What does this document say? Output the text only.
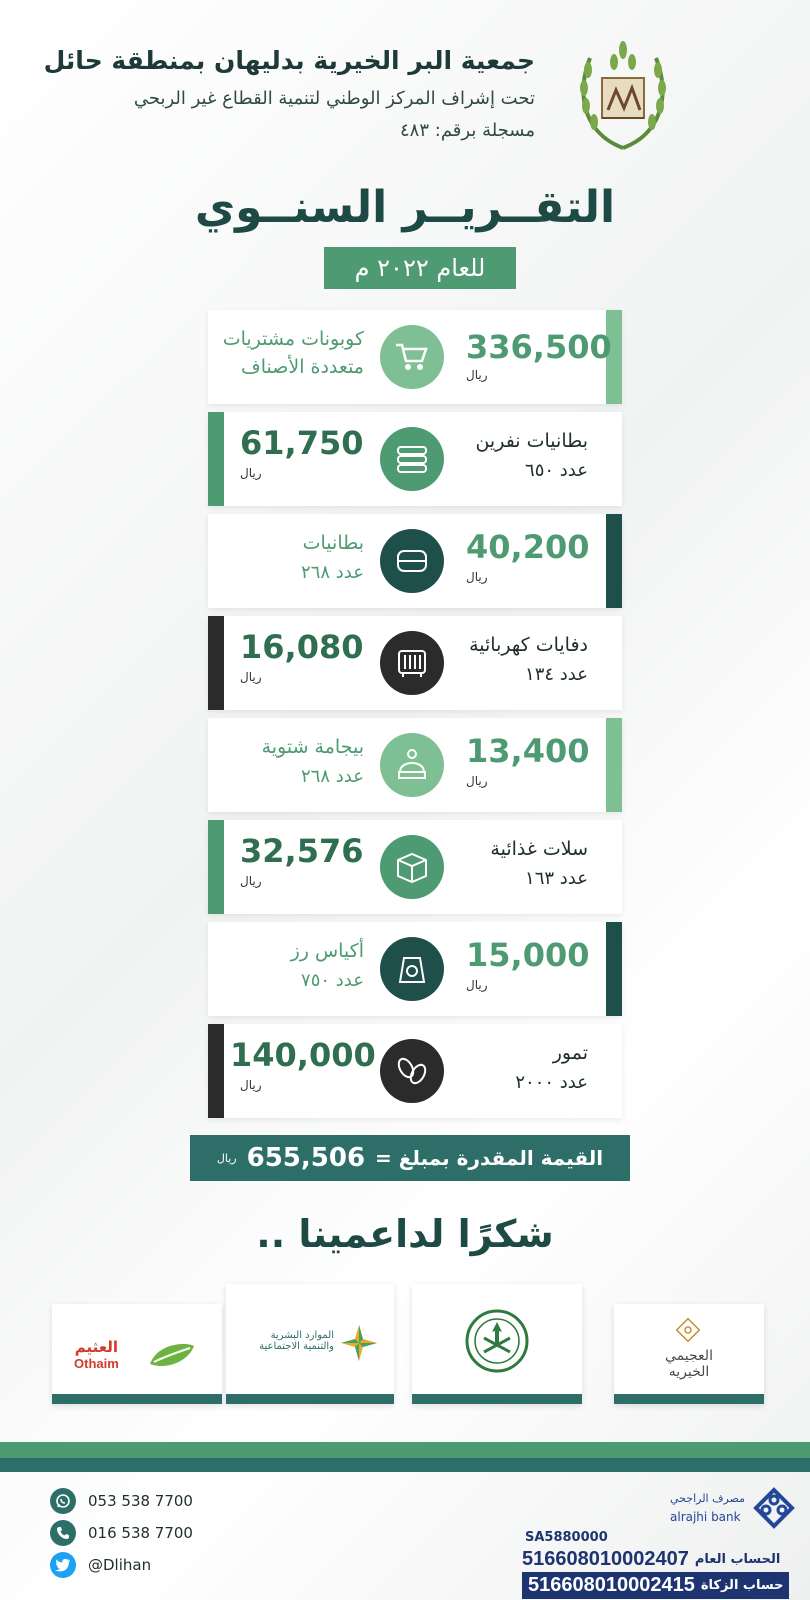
جمعية البر الخيرية بدليهان بمنطقة حائل
تحت إشراف المركز الوطني لتنمية القطاع غير الربحي
مسجلة برقم: ٤٨٣
التقــريــر السنــوي
للعام ٢٠٢٢ م
336,500
ريال
كوبونات مشتريات
متعددة الأصناف
61,750
ريال
بطانيات نفرين
عدد ٦٥٠
40,200
ريال
بطانيات
عدد ٢٦٨
16,080
ريال
دفايات كهربائية
عدد ١٣٤
13,400
ريال
بيجامة شتوية
عدد ٢٦٨
32,576
ريال
سلات غذائية
عدد ١٦٣
15,000
ريال
أكياس رز
عدد ٧٥٠
140,000
ريال
تمور
عدد ٢٠٠٠
القيمة المقدرة بمبلغ =
655,506
ريال
شكرًا لداعمينا ..
العثيم
Othaim
الموارد البشرية
والتنمية الاجتماعية
العجيمي
الخيريه
053 538 7700
016 538 7700
@Dlihan
مصرف الراجحي
alrajhi bank
SA5880000
516608010002407 الحساب العام
516608010002415 حساب الزكاة
